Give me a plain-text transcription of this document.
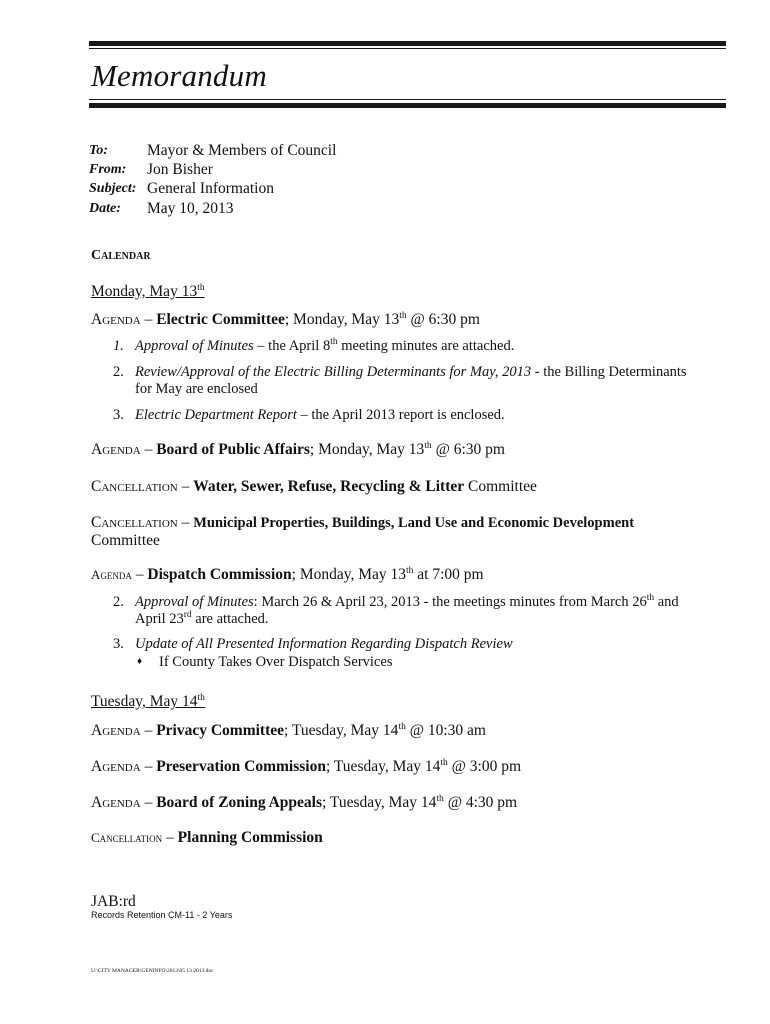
Memorandum
To:	Mayor & Members of Council
From: Jon Bisher
Subject: General Information
Date: May 10, 2013
Calendar
Monday, May 13th
Agenda – Electric Committee; Monday, May 13th @ 6:30 pm
1. Approval of Minutes – the April 8th meeting minutes are attached.
2. Review/Approval of the Electric Billing Determinants for May, 2013 - the Billing Determinants
for May are enclosed
3. Electric Department Report – the April 2013 report is enclosed.
Agenda – Board of Public Affairs; Monday, May 13th @ 6:30 pm
Cancellation – Water, Sewer, Refuse, Recycling & Litter Committee
Cancellation – Municipal Properties, Buildings, Land Use and Economic Development
Committee
Agenda – Dispatch Commission; Monday, May 13th at 7:00 pm
2. Approval of Minutes: March 26 & April 23, 2013 - the meetings minutes from March 26th and
April 23rd are attached.
3. Update of All Presented Information Regarding Dispatch Review
♦ If County Takes Over Dispatch Services
Tuesday, May 14th
Agenda – Privacy Committee; Tuesday, May 14th @ 10:30 am
Agenda – Preservation Commission; Tuesday, May 14th @ 3:00 pm
Agenda – Board of Zoning Appeals; Tuesday, May 14th @ 4:30 pm
Cancellation – Planning Commission
JAB:rd
Records Retention CM-11 - 2 Years
U:\CITY MANAGER\GENINFO\2013\05 13 2013.doc
